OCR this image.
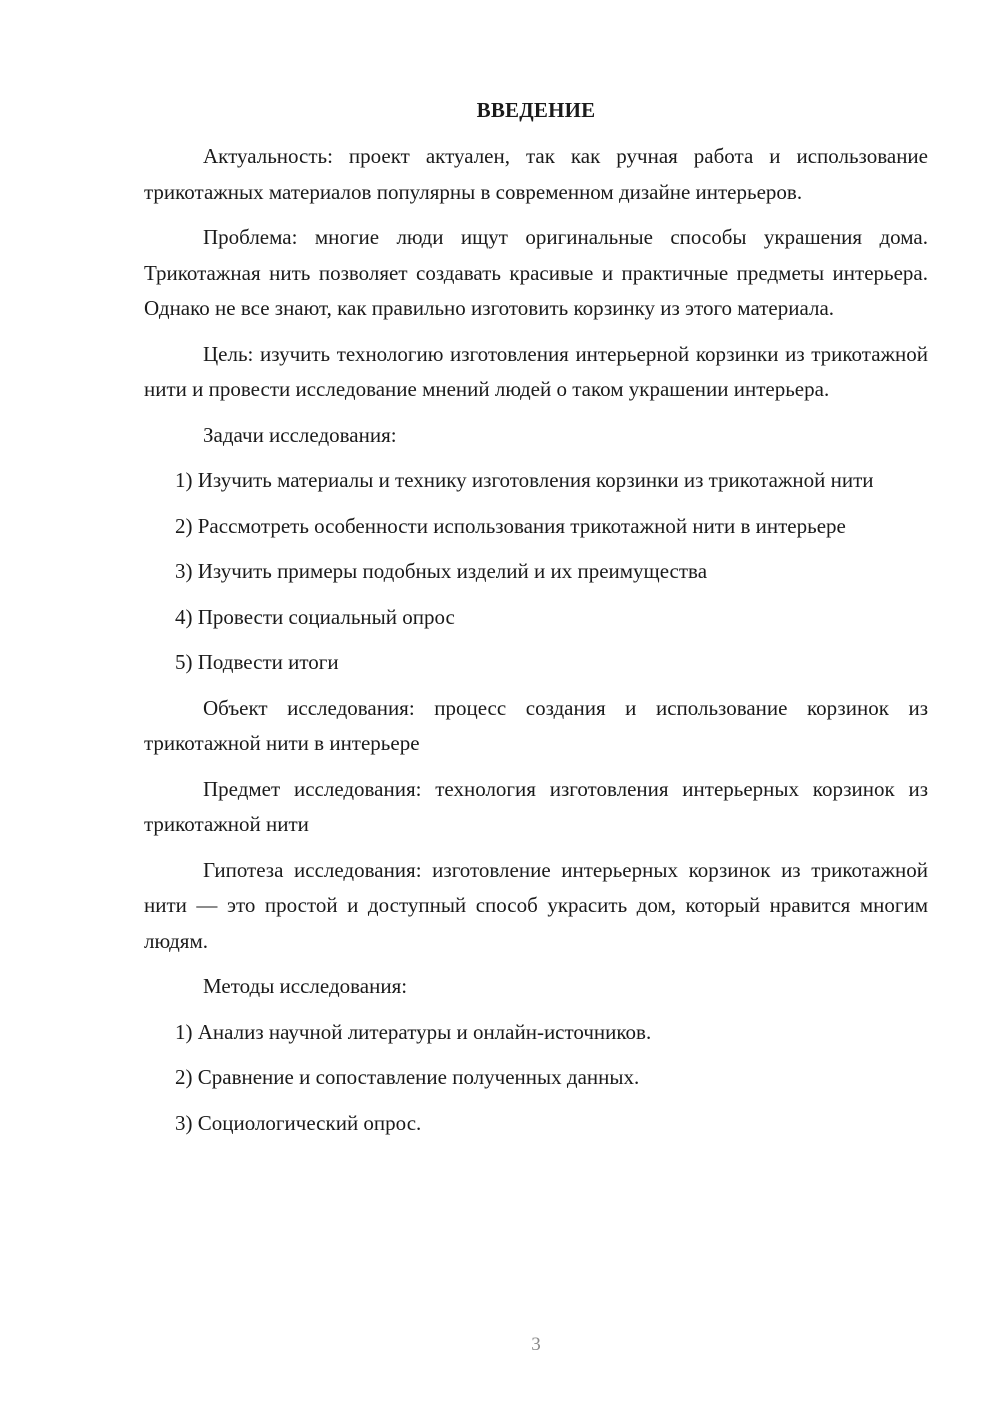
ВВЕДЕНИЕ

Актуальность: проект актуален, так как ручная работа и использование трикотажных материалов популярны в современном дизайне интерьеров.

Проблема: многие люди ищут оригинальные способы украшения дома. Трикотажная нить позволяет создавать красивые и практичные предметы интерьера. Однако не все знают, как правильно изготовить корзинку из этого материала.

Цель: изучить технологию изготовления интерьерной корзинки из трикотажной нити и провести исследование мнений людей о таком украшении интерьера.

Задачи исследования:

1) Изучить материалы и технику изготовления корзинки из трикотажной нити

2) Рассмотреть особенности использования трикотажной нити в интерьере

3) Изучить примеры подобных изделий и их преимущества

4) Провести социальный опрос

5) Подвести итоги

Объект исследования: процесс создания и использование корзинок из трикотажной нити в интерьере

Предмет исследования: технология изготовления интерьерных корзинок из трикотажной нити

Гипотеза исследования: изготовление интерьерных корзинок из трикотажной нити — это простой и доступный способ украсить дом, который нравится многим людям.

Методы исследования:

1) Анализ научной литературы и онлайн-источников.

2) Сравнение и сопоставление полученных данных.

3) Социологический опрос.

3
